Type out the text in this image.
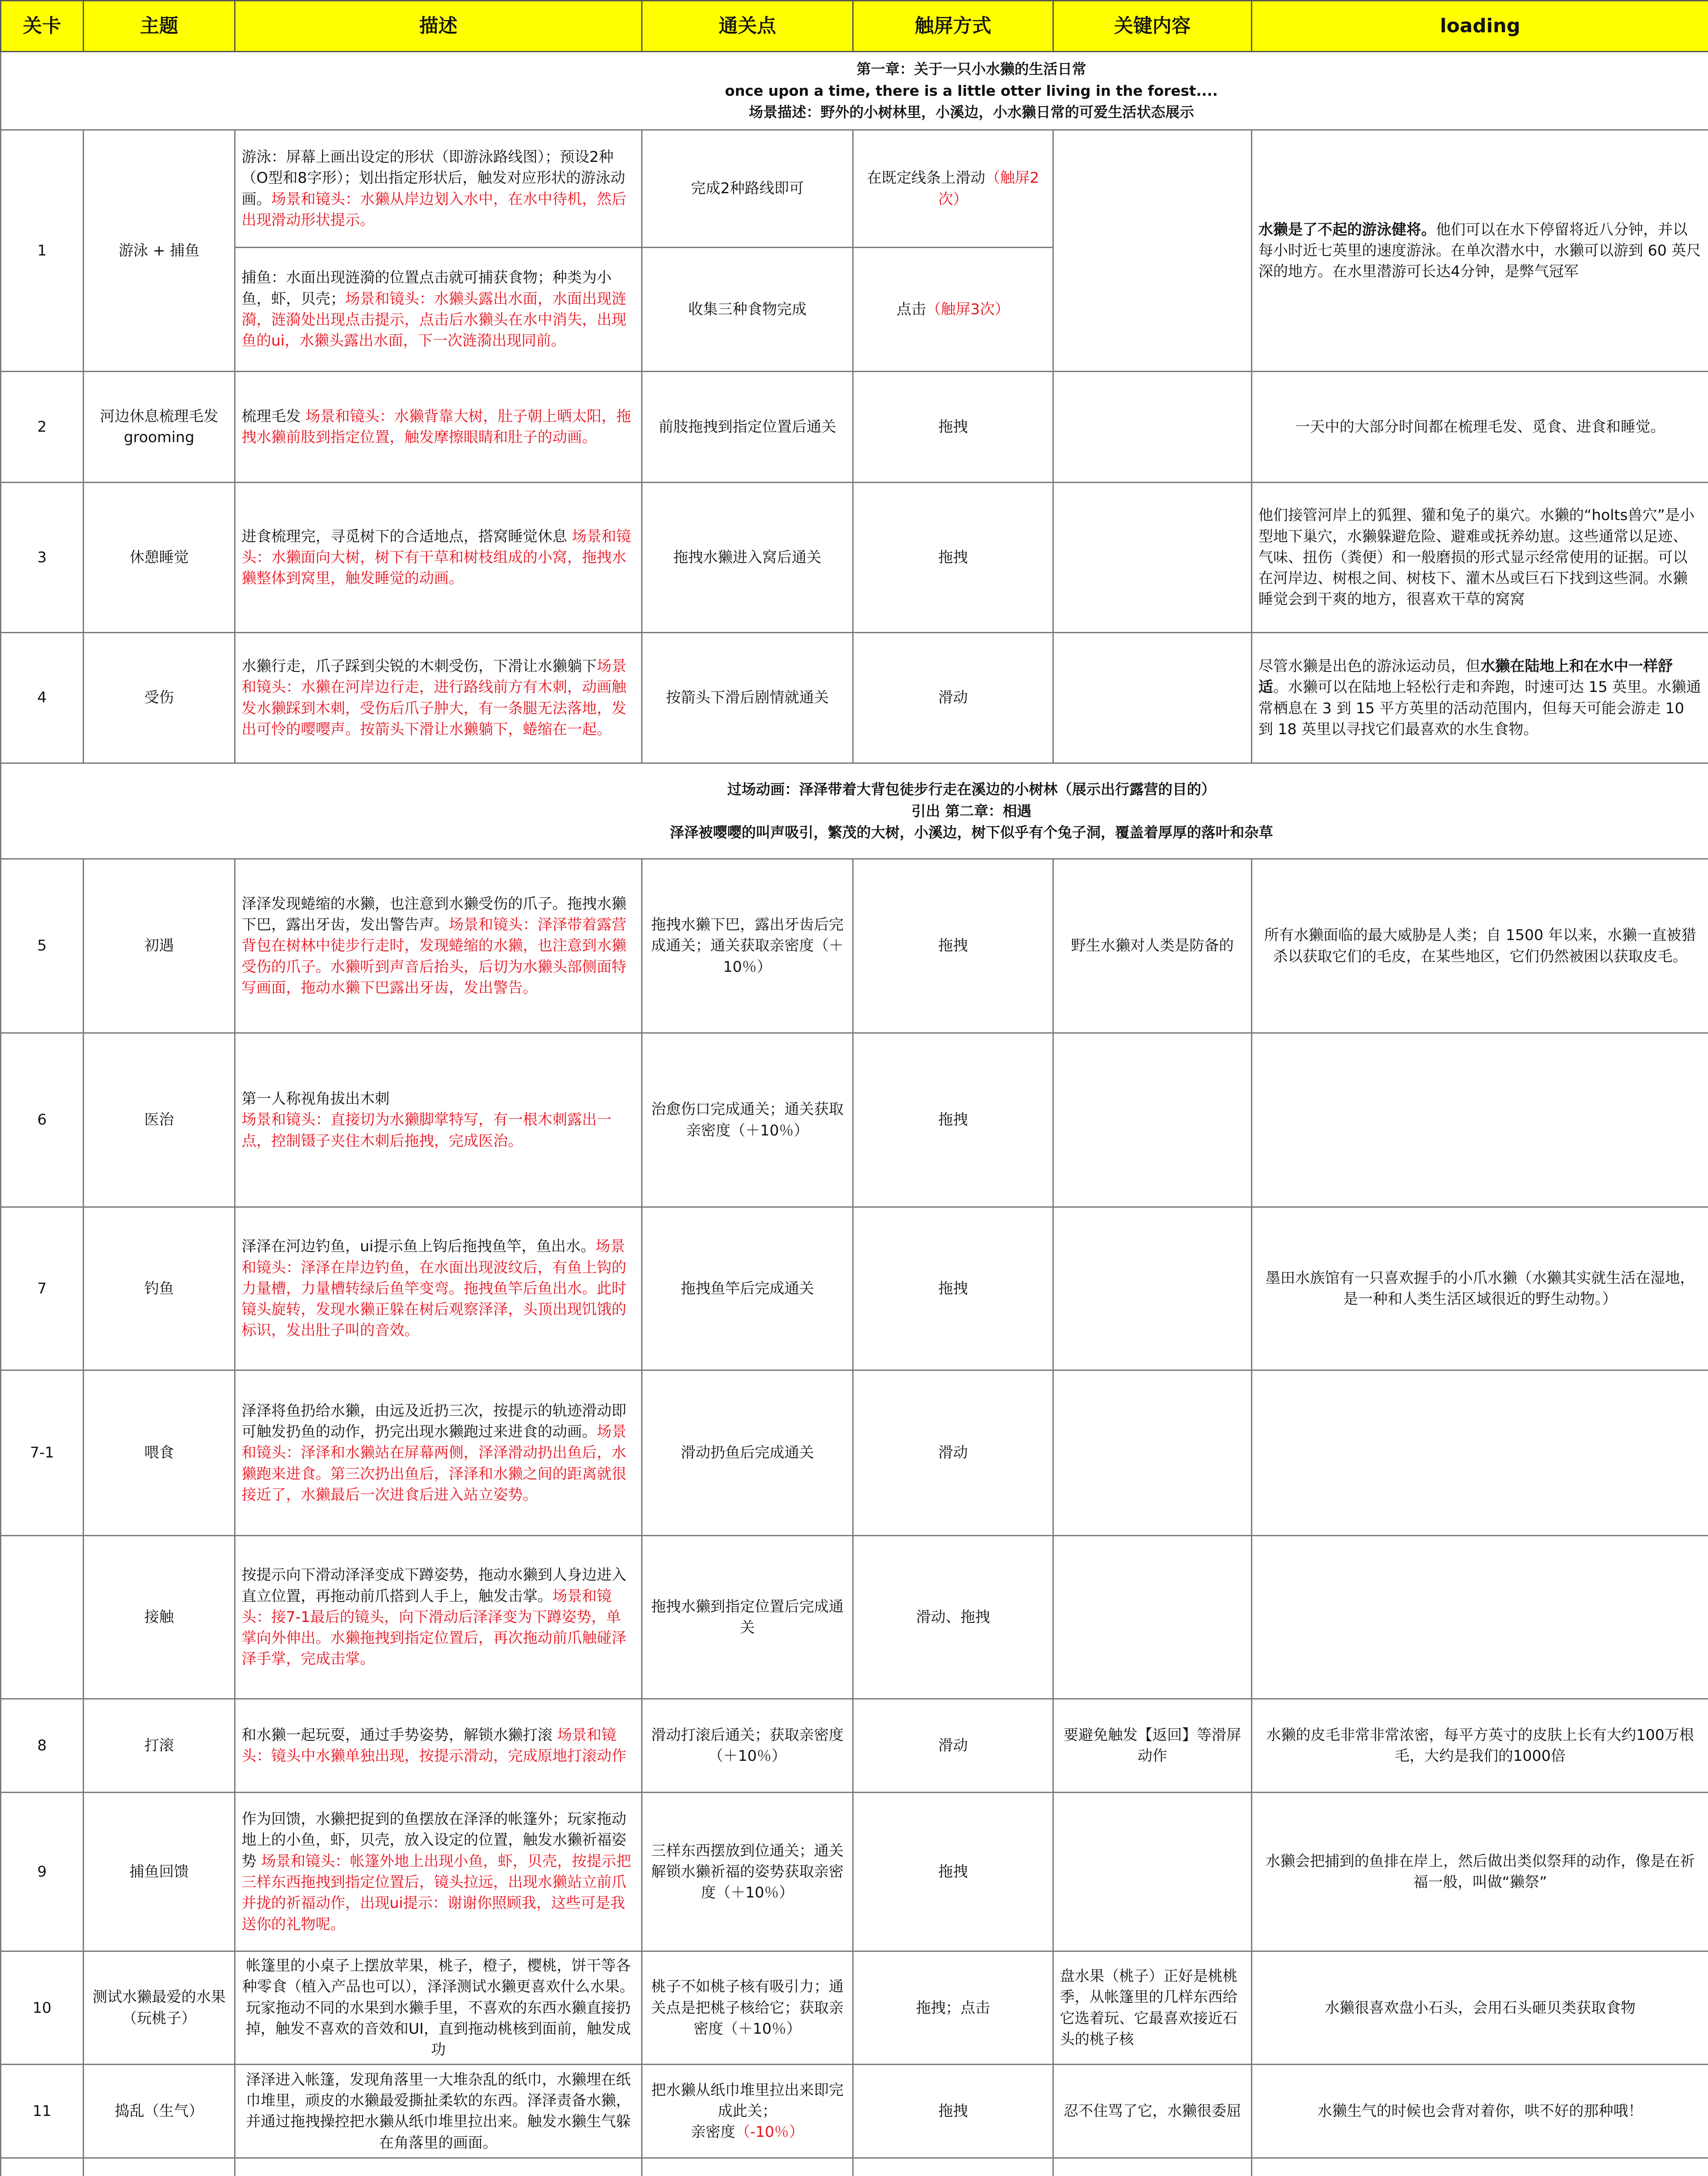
关卡	主题	描述	通关点	触屏方式	关键内容	loading

		第一章：关于一只小水獭的生活日常
once upon a time, there is a little otter living in the forest....
场景描述：野外的小树林里，小溪边，小水獭日常的可爱生活状态展示				

1	游泳 + 捕鱼	游泳：屏幕上画出设定的形状（即游泳路线图）；预设2种（O型和8字形）；划出指定形状后，触发对应形状的游泳动画。场景和镜头：水獭从岸边划入水中，在水中待机，然后出现滑动形状提示。	完成2种路线即可	在既定线条上滑动（触屏2次）		水獭是了不起的游泳健将。他们可以在水下停留将近八分钟，并以每小时近七英里的速度游泳。在单次潜水中，水獭可以游到 60 英尺深的地方。在水里潜游可长达4分钟，是弊气冠军
		捕鱼：水面出现涟漪的位置点击就可捕获食物；种类为小鱼，虾，贝壳；场景和镜头：水獭头露出水面，水面出现涟漪，涟漪处出现点击提示，点击后水獭头在水中消失，出现鱼的ui，水獭头露出水面，下一次涟漪出现同前。	收集三种食物完成	点击（触屏3次）		
2	河边休息梳理毛发 grooming	梳理毛发 场景和镜头：水獭背靠大树，肚子朝上晒太阳，拖拽水獭前肢到指定位置，触发摩擦眼睛和肚子的动画。	前肢拖拽到指定位置后通关	拖拽		一天中的大部分时间都在梳理毛发、觅食、进食和睡觉。
3	休憩睡觉	进食梳理完，寻觅树下的合适地点，搭窝睡觉休息 场景和镜头：水獭面向大树，树下有干草和树枝组成的小窝，拖拽水獭整体到窝里，触发睡觉的动画。	拖拽水獭进入窝后通关	拖拽		他们接管河岸上的狐狸、獾和兔子的巢穴。水獭的“holts兽穴”是小型地下巢穴，水獭躲避危险、避难或抚养幼崽。这些通常以足迹、气味、扭伤（粪便）和一般磨损的形式显示经常使用的证据。可以在河岸边、树根之间、树枝下、灌木丛或巨石下找到这些洞。水獭睡觉会到干爽的地方，很喜欢干草的窝窝
4	受伤	水獭行走，爪子踩到尖锐的木刺受伤，下滑让水獭躺下场景和镜头：水獭在河岸边行走，进行路线前方有木刺，动画触发水獭踩到木刺，受伤后爪子肿大，有一条腿无法落地，发出可怜的嘤嘤声。按箭头下滑让水獭躺下，蜷缩在一起。	按箭头下滑后剧情就通关	滑动		尽管水獭是出色的游泳运动员，但水獭在陆地上和在水中一样舒适。水獭可以在陆地上轻松行走和奔跑，时速可达 15 英里。水獭通常栖息在 3 到 15 平方英里的活动范围内，但每天可能会游走 10 到 18 英里以寻找它们最喜欢的水生食物。

		过场动画：泽泽带着大背包徒步行走在溪边的小树林（展示出行露营的目的）
引出 第二章：相遇
泽泽被嘤嘤的叫声吸引，繁茂的大树，小溪边，树下似乎有个兔子洞，覆盖着厚厚的落叶和杂草				

5	初遇	泽泽发现蜷缩的水獭，也注意到水獭受伤的爪子。拖拽水獭下巴，露出牙齿，发出警告声。场景和镜头：泽泽带着露营背包在树林中徒步行走时，发现蜷缩的水獭，也注意到水獭受伤的爪子。水獭听到声音后抬头，后切为水獭头部侧面特写画面，拖动水獭下巴露出牙齿，发出警告。	拖拽水獭下巴，露出牙齿后完成通关；通关获取亲密度（＋10％）	拖拽	野生水獭对人类是防备的	所有水獭面临的最大威胁是人类；自 1500 年以来，水獭一直被猎杀以获取它们的毛皮，在某些地区，它们仍然被困以获取皮毛。
6	医治	第一人称视角拔出木刺
场景和镜头：直接切为水獭脚掌特写，有一根木刺露出一点，控制镊子夹住木刺后拖拽，完成医治。	治愈伤口完成通关；通关获取亲密度（＋10％）	拖拽		
7	钓鱼	泽泽在河边钓鱼，ui提示鱼上钩后拖拽鱼竿，鱼出水。场景和镜头：泽泽在岸边钓鱼，在水面出现波纹后，有鱼上钩的力量槽，力量槽转绿后鱼竿变弯。拖拽鱼竿后鱼出水。此时镜头旋转，发现水獭正躲在树后观察泽泽，头顶出现饥饿的标识，发出肚子叫的音效。	拖拽鱼竿后完成通关	拖拽		墨田水族馆有一只喜欢握手的小爪水獭（水獭其实就生活在湿地，是一种和人类生活区域很近的野生动物。）
7-1	喂食	泽泽将鱼扔给水獭，由远及近扔三次，按提示的轨迹滑动即可触发扔鱼的动作，扔完出现水獭跑过来进食的动画。场景和镜头：泽泽和水獭站在屏幕两侧，泽泽滑动扔出鱼后，水獭跑来进食。第三次扔出鱼后，泽泽和水獭之间的距离就很接近了，水獭最后一次进食后进入站立姿势。	滑动扔鱼后完成通关	滑动		
	接触	按提示向下滑动泽泽变成下蹲姿势，拖动水獭到人身边进入直立位置，再拖动前爪搭到人手上，触发击掌。场景和镜头：接7-1最后的镜头，向下滑动后泽泽变为下蹲姿势，单掌向外伸出。水獭拖拽到指定位置后，再次拖动前爪触碰泽泽手掌，完成击掌。	拖拽水獭到指定位置后完成通关	滑动、拖拽		
8	打滚	和水獭一起玩耍，通过手势姿势，解锁水獭打滚 场景和镜头：镜头中水獭单独出现，按提示滑动，完成原地打滚动作	滑动打滚后通关；获取亲密度（＋10％）	滑动	要避免触发【返回】等滑屏动作	水獭的皮毛非常非常浓密，每平方英寸的皮肤上长有大约100万根毛，大约是我们的1000倍
9	捕鱼回馈	作为回馈，水獭把捉到的鱼摆放在泽泽的帐篷外；玩家拖动地上的小鱼，虾，贝壳，放入设定的位置，触发水獭祈福姿势 场景和镜头：帐篷外地上出现小鱼，虾，贝壳，按提示把三样东西拖拽到指定位置后，镜头拉远，出现水獭站立前爪并拢的祈福动作，出现ui提示：谢谢你照顾我，这些可是我送你的礼物呢。	三样东西摆放到位通关；通关解锁水獭祈福的姿势获取亲密度（＋10％）	拖拽		水獭会把捕到的鱼排在岸上，然后做出类似祭拜的动作，像是在祈福一般，叫做“獭祭”
10	测试水獭最爱的水果（玩桃子）	帐篷里的小桌子上摆放苹果，桃子，橙子，樱桃，饼干等各种零食（植入产品也可以），泽泽测试水獭更喜欢什么水果。 玩家拖动不同的水果到水獭手里，不喜欢的东西水獭直接扔掉，触发不喜欢的音效和UI，直到拖动桃核到面前，触发成功	桃子不如桃子核有吸引力；通关点是把桃子核给它；获取亲密度（＋10％）	拖拽；点击	盘水果（桃子）正好是桃桃季，从帐篷里的几样东西给它选着玩、它最喜欢接近石头的桃子核	水獭很喜欢盘小石头，会用石头砸贝类获取食物
11	捣乱（生气）	泽泽进入帐篷，发现角落里一大堆杂乱的纸巾，水獭埋在纸巾堆里，顽皮的水獭最爱撕扯柔软的东西。泽泽责备水獭，并通过拖拽操控把水獭从纸巾堆里拉出来。触发水獭生气躲在角落里的画面。	把水獭从纸巾堆里拉出来即完成此关；
亲密度（-10％）	拖拽	忍不住骂了它，水獭很委屈	水獭生气的时候也会背对着你，哄不好的那种哦！
